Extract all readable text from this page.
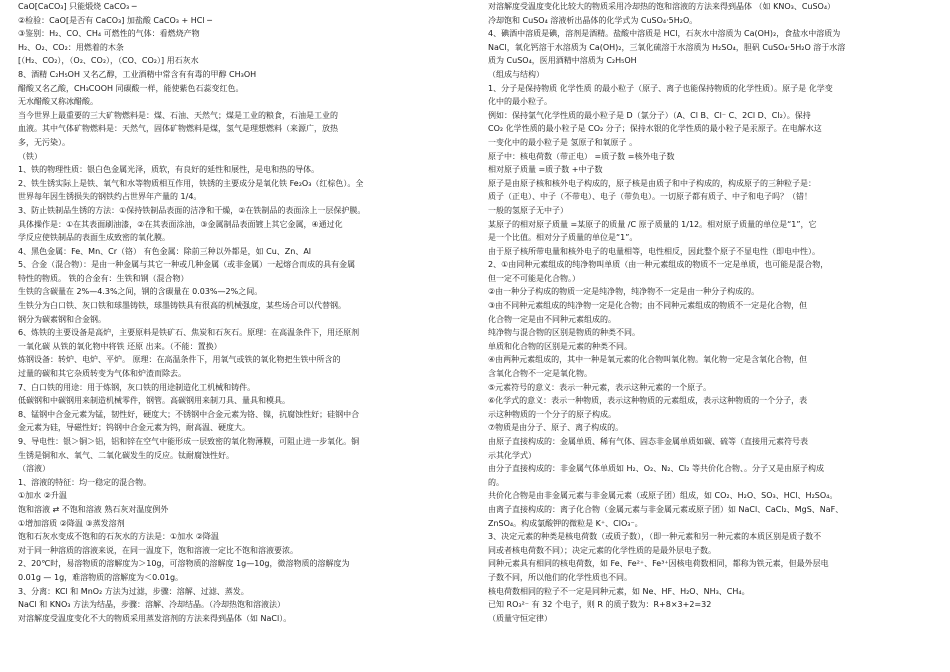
CaO[CaCO₃] 只能煅烧 CaCO₃ ─
②检验：CaO[是否有 CaCO₃] 加盐酸 CaCO₃ + HCl ─
③鉴别：H₂、CO、CH₄ 可燃性的气体：看燃烧产物
H₂、O₂、CO₂：用燃着的木条
[（H₂、CO₂），（O₂、CO₂），（CO、CO₂）] 用石灰水
8、酒精 C₂H₅OH 又名乙醇，工业酒精中常含有有毒的甲醇 CH₃OH
醋酸又名乙酸，CH₃COOH 同碳酸一样，能使紫色石蕊变红色。
无水醋酸又称冰醋酸。
当今世界上最重要的三大矿物燃料是：煤、石油、天然气；煤是工业的粮食，石油是工业的
血液。其中气体矿物燃料是：天然气，固体矿物燃料是煤，氢气是理想燃料（来源广，放热
多，无污染）。
（铁）
1、铁的物理性质：银白色金属光泽，质软，有良好的延性和展性，是电和热的导体。
2、铁生锈实际上是铁、氧气和水等物质相互作用，铁锈的主要成分是氧化铁 Fe₂O₃（红棕色）。全
世界每年因生锈损失的钢铁约占世界年产量的 1/4。
3、防止铁制品生锈的方法：①保持铁制品表面的洁净和干燥，②在铁制品的表面涂上一层保护膜。
具体操作是：①在其表面刷油漆，②在其表面涂油，③金属制品表面镀上其它金属，④通过化
学反应使铁制品的表面生成致密的氧化膜。
4、黑色金属：Fe、Mn、Cr（铬） 有色金属：除前三种以外都是，如 Cu、Zn、Al
5、合金（混合物）：是由一种金属与其它一种或几种金属（或非金属）一起熔合而成的具有金属
特性的物质。 铁的合金有：生铁和钢（混合物）
生铁的含碳量在 2%—4.3%之间，钢的含碳量在 0.03%—2%之间。
生铁分为白口铁、灰口铁和球墨铸铁，球墨铸铁具有很高的机械强度，某些场合可以代替钢。
钢分为碳素钢和合金钢。
6、炼铁的主要设备是高炉，主要原料是铁矿石、焦炭和石灰石。原理：在高温条件下，用还原剂
一氧化碳 从铁的氧化物中将铁 还原 出来。（不能：置换）
炼钢设备：转炉、电炉、平炉。 原理：在高温条件下，用氧气或铁的氧化物把生铁中所含的
过量的碳和其它杂质转变为气体和炉渣而除去。
7、白口铁的用途：用于炼钢，灰口铁的用途制造化工机械和铸件。
低碳钢和中碳钢用来制造机械零件，钢管。高碳钢用来制刀具、量具和模具。
8、锰钢中合金元素为锰，韧性好，硬度大；不锈钢中合金元素为铬、镍，抗腐蚀性好；硅钢中合
金元素为硅，导磁性好；钨钢中合金元素为钨，耐高温、硬度大。
9、导电性：银＞铜＞铝，铝和锌在空气中能形成一层致密的氧化物薄膜，可阻止进一步氧化。铜
生锈是铜和水、氧气、二氧化碳发生的反应。钛耐腐蚀性好。
（溶液）
1、溶液的特征：均一稳定的混合物。
①加水 ②升温
饱和溶液 ⇄ 不饱和溶液 熟石灰对温度例外
①增加溶质 ②降温 ③蒸发溶剂
饱和石灰水变成不饱和的石灰水的方法是：①加水 ②降温
对于同一种溶质的溶液来说，在同一温度下，饱和溶液一定比不饱和溶液要浓。
2、20℃时，易溶物质的溶解度为＞10g，可溶物质的溶解度 1g—10g，微溶物质的溶解度为
0.01g — 1g，难溶物质的溶解度为＜0.01g。
3、分离：KCl 和 MnO₂ 方法为过滤，步骤：溶解、过滤、蒸发。
NaCl 和 KNO₃ 方法为结晶，步骤：溶解、冷却结晶。（冷却热饱和溶液法）
对溶解度受温度变化不大的物质采用蒸发溶剂的方法来得到晶体（如 NaCl）。
对溶解度受温度变化比较大的物质采用冷却热的饱和溶液的方法来得到晶体 （如 KNO₃、CuSO₄）
冷却饱和 CuSO₄ 溶液析出晶体的化学式为 CuSO₄·5H₂O。
4、碘酒中溶质是碘，溶剂是酒精。盐酸中溶质是 HCl，石灰水中溶质为 Ca(OH)₂，食盐水中溶质为
NaCl，氧化钙溶于水溶质为 Ca(OH)₂，三氧化硫溶于水溶质为 H₂SO₄，胆矾 CuSO₄·5H₂O 溶于水溶
质为 CuSO₄，医用酒精中溶质为 C₂H₅OH
（组成与结构）
1、分子是保持物质 化学性质 的最小粒子（原子、离子也能保持物质的化学性质）。原子是 化学变
化中的最小粒子。
例如：保持氯气化学性质的最小粒子是 D（氯分子）（A、Cl B、Cl⁻ C、2Cl D、Cl₂）。保持
CO₂ 化学性质的最小粒子是 CO₂ 分子；保持水银的化学性质的最小粒子是汞原子。在电解水这
一变化中的最小粒子是 氢原子和氧原子 。
原子中：核电荷数（带正电） =质子数 =核外电子数
相对原子质量 =质子数 +中子数
原子是由原子核和核外电子构成的，原子核是由质子和中子构成的，构成原子的三种粒子是：
质子（正电）、中子（不带电）、电子（带负电）。一切原子都有质子、中子和电子吗？（错！
一般的氢原子无中子）
某原子的相对原子质量 =某原子的质量 /C 原子质量的 1/12。相对原子质量的单位是“1”，它
是一个比值。相对分子质量的单位是“1”。
由于原子核所带电量和核外电子的电量相等，电性相反，因此整个原子不显电性（即电中性）。
2、①由同种元素组成的纯净物叫单质（由一种元素组成的物质不一定是单质，也可能是混合物，
但一定不可能是化合物。）
②由一种分子构成的物质一定是纯净物，纯净物不一定是由一种分子构成的。
③由不同种元素组成的纯净物一定是化合物；由不同种元素组成的物质不一定是化合物，但
化合物一定是由不同种元素组成的。
纯净物与混合物的区别是物质的种类不同。
单质和化合物的区别是元素的种类不同。
④由两种元素组成的，其中一种是氧元素的化合物叫氧化物。氧化物一定是含氧化合物，但
含氧化合物不一定是氧化物。
⑤元素符号的意义：表示一种元素，表示这种元素的一个原子。
⑥化学式的意义：表示一种物质，表示这种物质的元素组成，表示这种物质的一个分子，表
示这种物质的一个分子的原子构成。
⑦物质是由分子、原子、离子构成的。
由原子直接构成的：金属单质、稀有气体、固态非金属单质如碳、硫等（直接用元素符号表
示其化学式）
由分子直接构成的：非金属气体单质如 H₂、O₂、N₂、Cl₂ 等共价化合物、。分子又是由原子构成
的。
共价化合物是由非金属元素与非金属元素（或原子团）组成，如 CO₂、H₂O、SO₃、HCl、H₂SO₄。
由离子直接构成的：离子化合物（金属元素与非金属元素或原子团）如 NaCl、CaCl₂、MgS、NaF、
ZnSO₄。构成氯酸钾的微粒是 K⁺、ClO₃⁻。
3、决定元素的种类是核电荷数（或质子数），（即一种元素和另一种元素的本质区别是质子数不
同或者核电荷数不同）；决定元素的化学性质的是最外层电子数。
同种元素具有相同的核电荷数，如 Fe、Fe²⁺、Fe³⁺因核电荷数相同，都称为铁元素，但最外层电
子数不同，所以他们的化学性质也不同。
核电荷数相同的粒子不一定是同种元素，如 Ne、HF、H₂O、NH₃、CH₄。
已知 RO₃²⁻ 有 32 个电子，则 R 的质子数为：R+8×3+2=32
（质量守恒定律）
